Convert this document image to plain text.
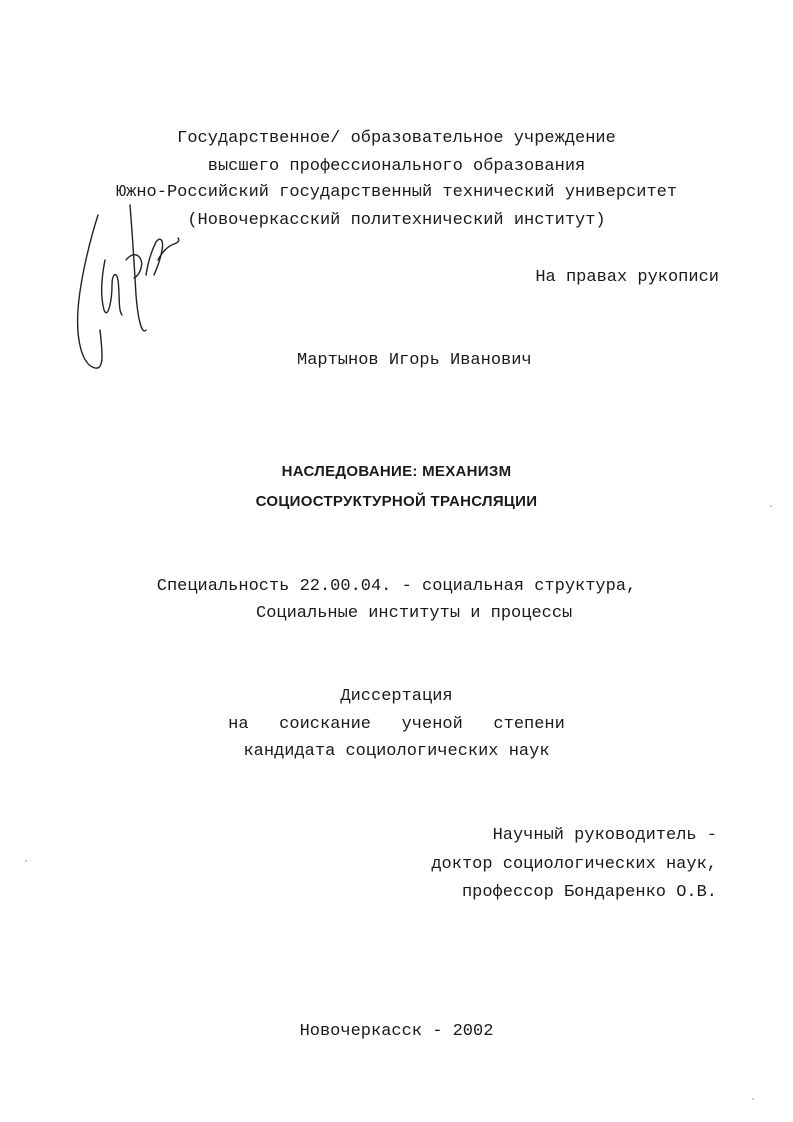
Государственное/ образовательное учреждение
высшего профессионального образования
Южно-Российский государственный технический университет
(Новочеркасский политехнический институт)
На правах рукописи
Мартынов Игорь Иванович
НАСЛЕДОВАНИЕ: МЕХАНИЗМ
СОЦИОСТРУКТУРНОЙ ТРАНСЛЯЦИИ
Специальность 22.00.04. - социальная структура,
Социальные институты и процессы
Диссертация
на   соискание   ученой   степени
кандидата социологических наук
Научный руководитель -
доктор социологических наук,
профессор Бондаренко О.В.
Новочеркасск - 2002
